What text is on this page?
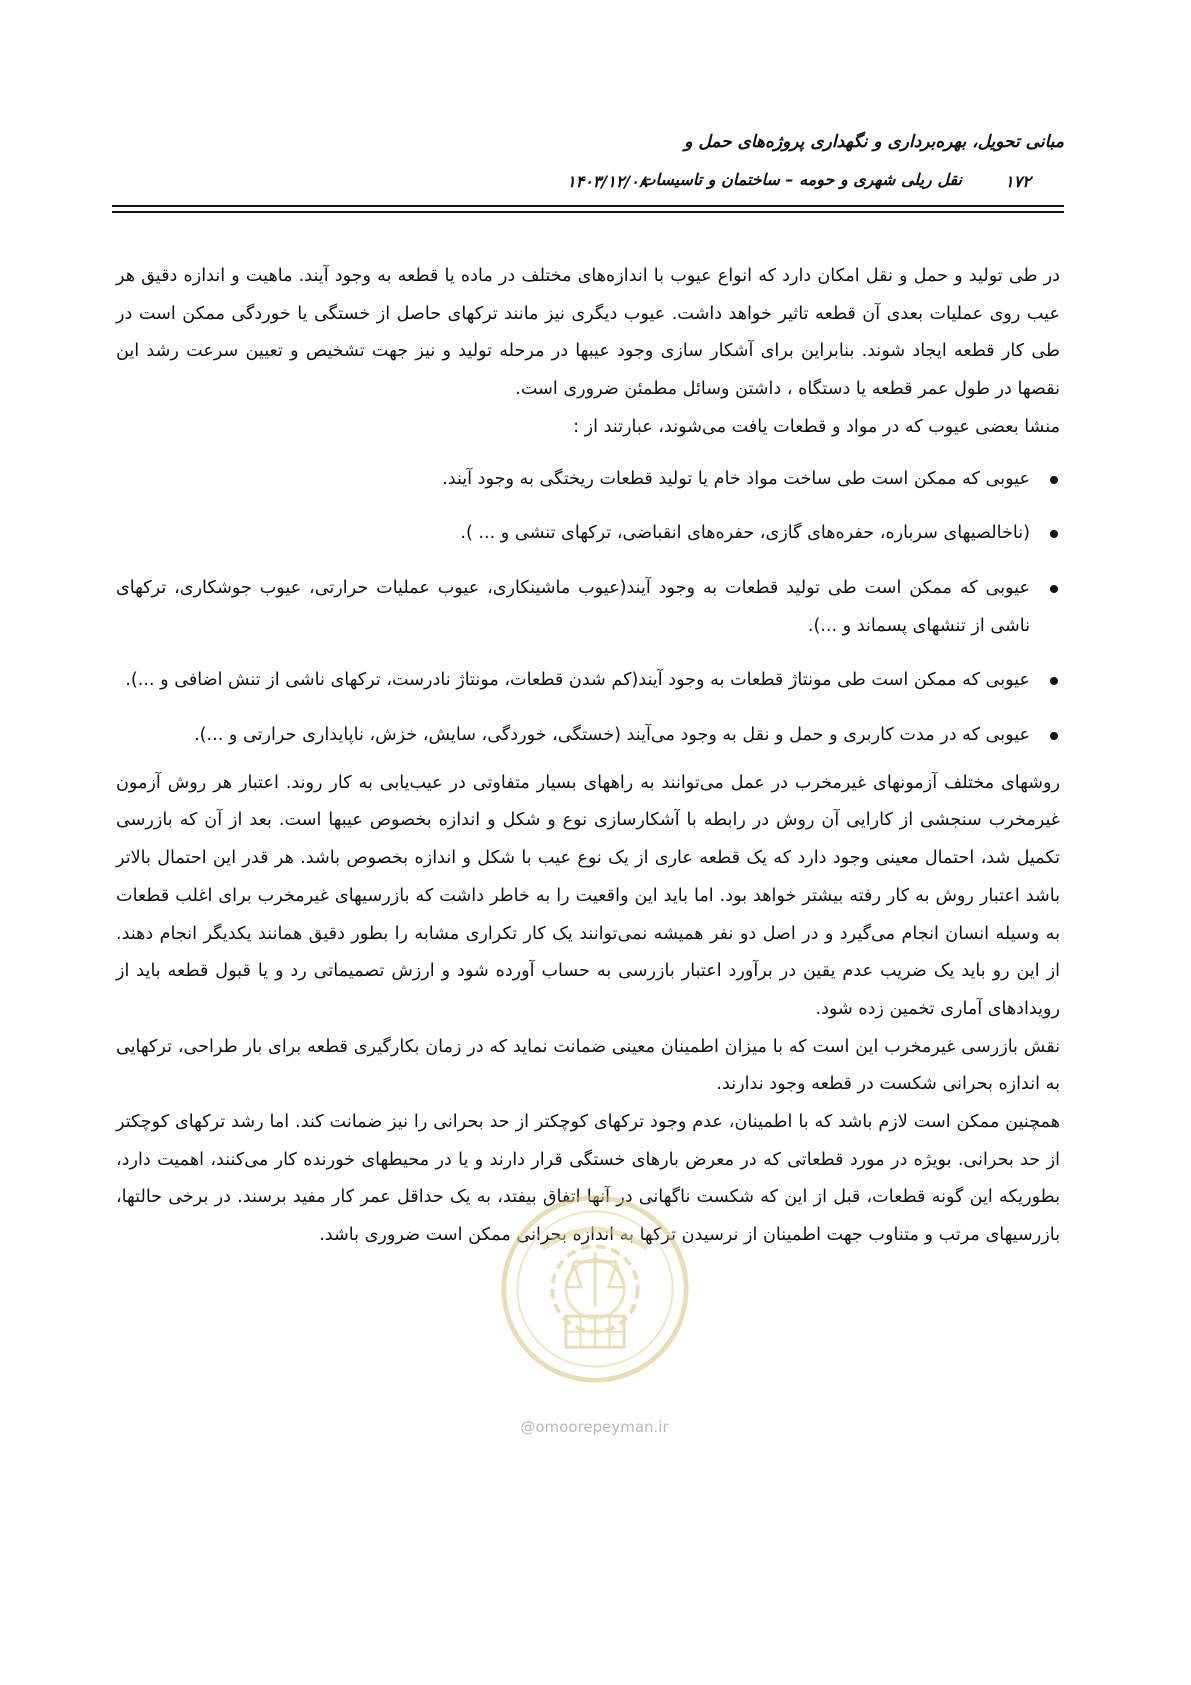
مبانی تحویل، بهره‌برداری و نگهداری پروژه‌های حمل و
نقل ریلی شهری و حومه – ساختمان و تاسیسات
۱۴۰۳/۱۲/۰۸	۱۷۲

در طی تولید و حمل و نقل امکان دارد که انواع عیوب با اندازه‌های مختلف در ماده یا قطعه به وجود آیند. ماهیت و اندازه دقیق هر عیب روی عملیات بعدی آن قطعه تاثیر خواهد داشت. عیوب دیگری نیز مانند ترکهای حاصل از خستگی یا خوردگی ممکن است در طی کار قطعه ایجاد شوند. بنابراین برای آشکار سازی وجود عیبها در مرحله تولید و نیز جهت تشخیص و تعیین سرعت رشد این نقصها در طول عمر قطعه یا دستگاه ، داشتن وسائل مطمئن ضروری است.

منشا بعضی عیوب که در مواد و قطعات یافت می‌شوند، عبارتند از :

عیوبی که ممکن است طی ساخت مواد خام یا تولید قطعات ریختگی به وجود آیند.
(ناخالصیهای سرباره، حفره‌های گازی، حفره‌های انقباضی، ترکهای تنشی و ... ).
عیوبی که ممکن است طی تولید قطعات به وجود آیند(عیوب ماشینکاری، عیوب عملیات حرارتی، عیوب جوشکاری، ترکهای ناشی از تنشهای پسماند و ...).
عیوبی که ممکن است طی مونتاژ قطعات به وجود آیند(کم شدن قطعات، مونتاژ نادرست، ترکهای ناشی از تنش اضافی و ...).
عیوبی که در مدت کاربری و حمل و نقل به وجود می‌آیند (خستگی، خوردگی، سایش، خزش، ناپایداری حرارتی و ...).

روشهای مختلف آزمونهای غیرمخرب در عمل می‌توانند به راههای بسیار متفاوتی در عیب‌یابی به کار روند. اعتبار هر روش آزمون غیرمخرب سنجشی از کارایی آن روش در رابطه با آشکارسازی نوع و شکل و اندازه بخصوص عیبها است. بعد از آن که بازرسی تکمیل شد، احتمال معینی وجود دارد که یک قطعه عاری از یک نوع عیب با شکل و اندازه بخصوص باشد. هر قدر این احتمال بالاتر باشد اعتبار روش به کار رفته بیشتر خواهد بود. اما باید این واقعیت را به خاطر داشت که بازرسیهای غیرمخرب برای اغلب قطعات به وسیله انسان انجام می‌گیرد و در اصل دو نفر همیشه نمی‌توانند یک کار تکراری مشابه را بطور دقیق همانند یکدیگر انجام دهند. از این رو باید یک ضریب عدم یقین در برآورد اعتبار بازرسی به حساب آورده شود و ارزش تصمیماتی رد و یا قبول قطعه باید از رویدادهای آماری تخمین زده شود.

نقش بازرسی غیرمخرب این است که با میزان اطمینان معینی ضمانت نماید که در زمان بکارگیری قطعه برای بار طراحی، ترکهایی به اندازه بحرانی شکست در قطعه وجود ندارند.

همچنین ممکن است لازم باشد که با اطمینان، عدم وجود ترکهای کوچکتر از حد بحرانی را نیز ضمانت کند. اما رشد ترکهای کوچکتر از حد بحرانی. بویژه در مورد قطعاتی که در معرض بارهای خستگی قرار دارند و یا در محیطهای خورنده کار می‌کنند، اهمیت دارد، بطوریکه این گونه قطعات، قبل از این که شکست ناگهانی در آنها اتفاق بیفتد، به یک حداقل عمر کار مفید برسند. در برخی حالتها، بازرسیهای مرتب و متناوب جهت اطمینان از نرسیدن ترکها به اندازه بحرانی ممکن است ضروری باشد.

@omoorepeyman.ir
